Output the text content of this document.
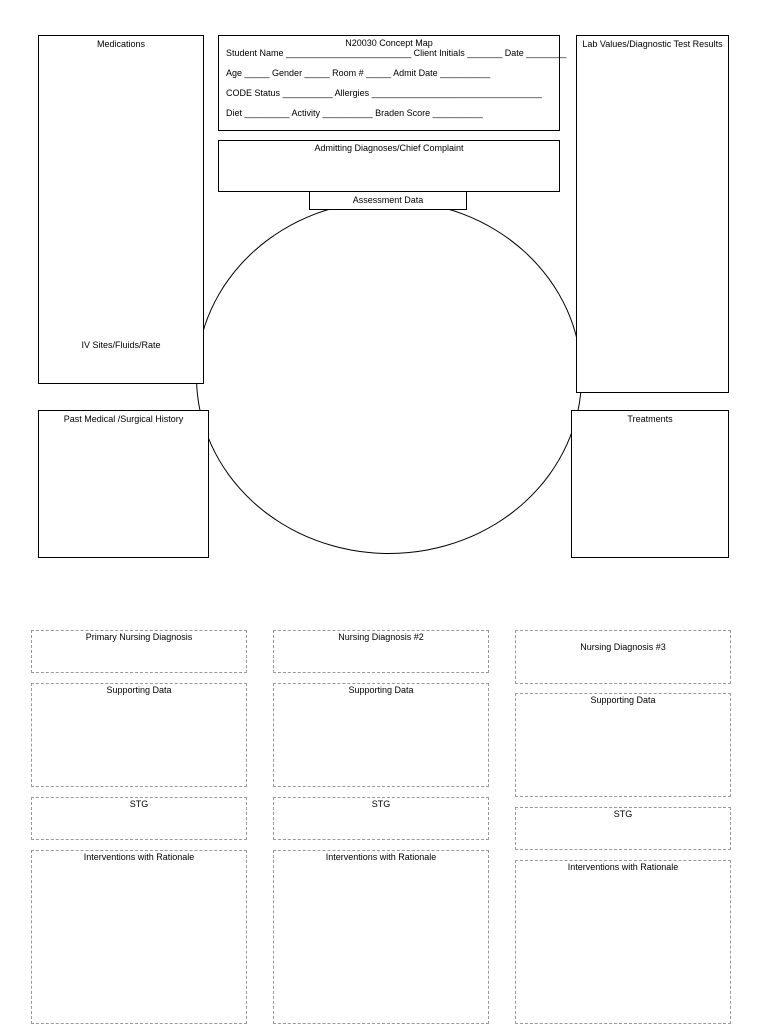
Medications
IV Sites/Fluids/Rate
N20030 Concept Map
Student Name _________________________ Client Initials _______ Date ________
Age _____ Gender _____ Room # _____ Admit Date __________
CODE Status __________ Allergies __________________________________
Diet _________ Activity __________ Braden Score __________
Admitting Diagnoses/Chief Complaint
Assessment Data
Lab Values/Diagnostic Test Results
Past Medical /Surgical History	Treatments
Primary Nursing Diagnosis
Supporting Data
STG
Interventions with Rationale
Nursing Diagnosis #2
Supporting Data
STG
Interventions with Rationale
Nursing Diagnosis #3
Supporting Data
STG
Interventions with Rationale
